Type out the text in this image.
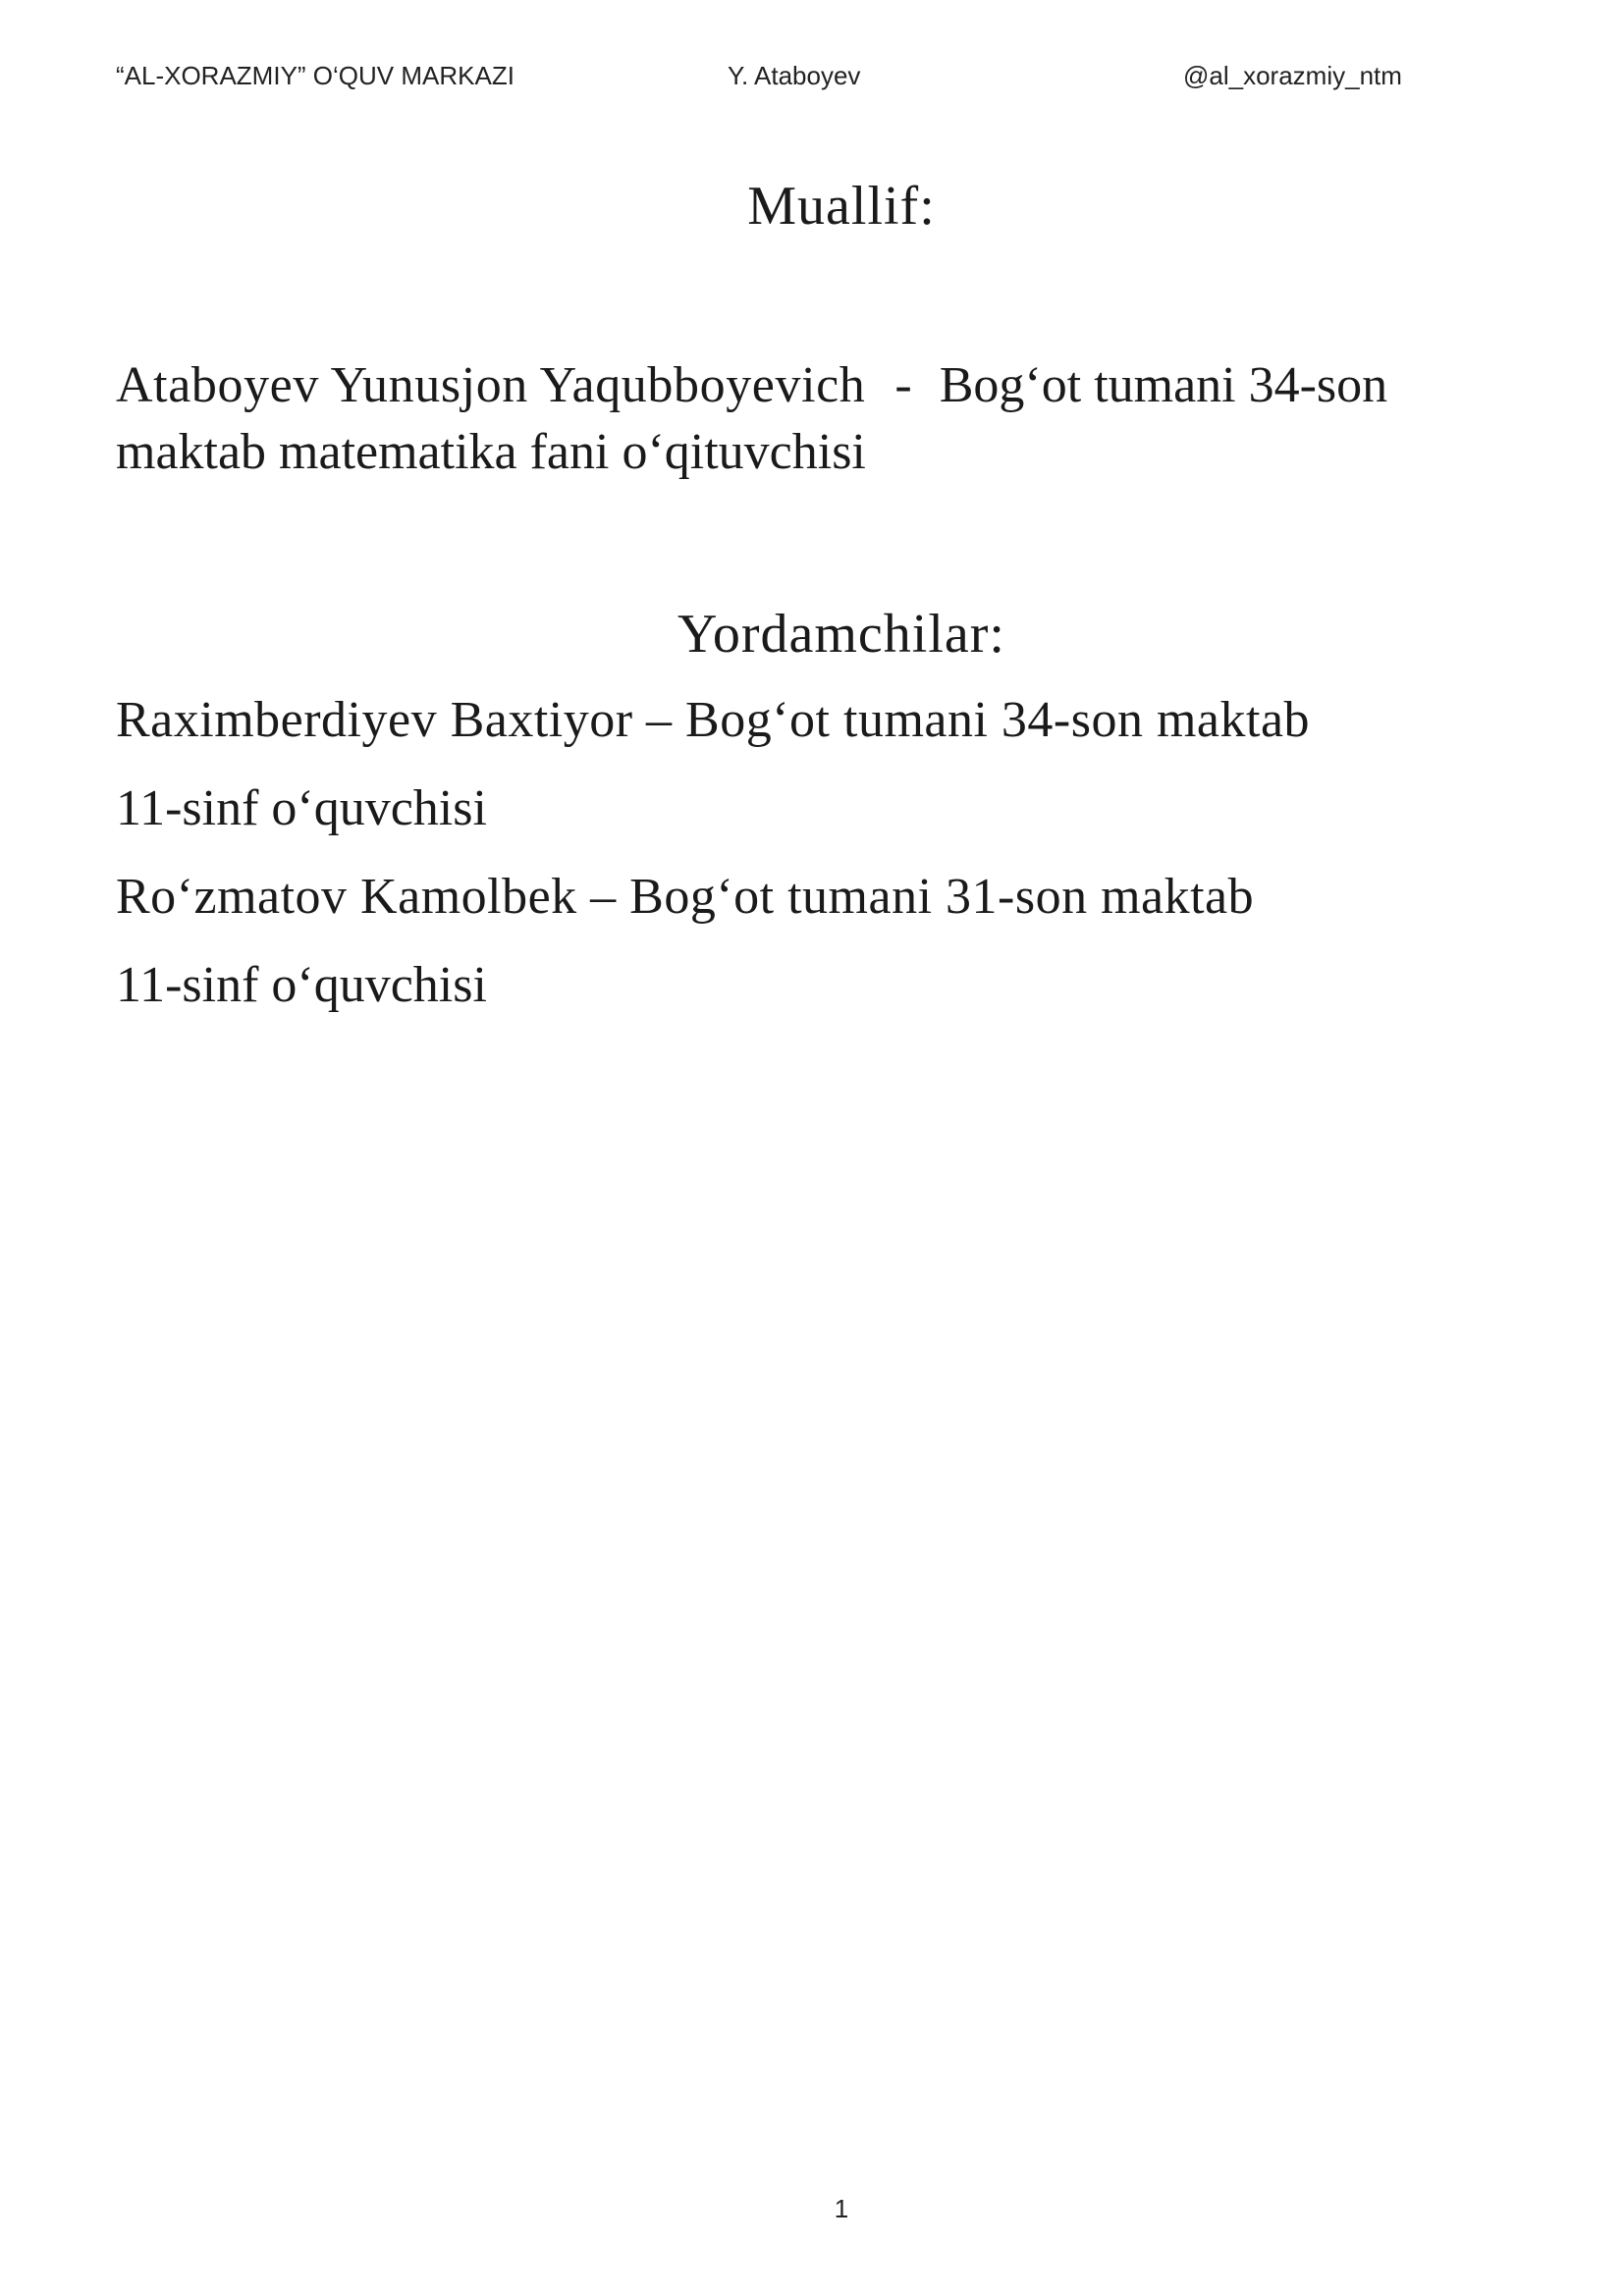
“AL-XORAZMIY” O‘QUV MARKAZI	Y. Ataboyev	@al_xorazmiy_ntm
Muallif:
Ataboyev Yunusjon Yaqubboyevich - Bog‘ot tumani 34-son
maktab matematika fani o‘qituvchisi
Yordamchilar:
Raximberdiyev Baxtiyor – Bog‘ot tumani 34-son maktab
11-sinf o‘quvchisi
Ro‘zmatov Kamolbek – Bog‘ot tumani 31-son maktab
11-sinf o‘quvchisi
1
